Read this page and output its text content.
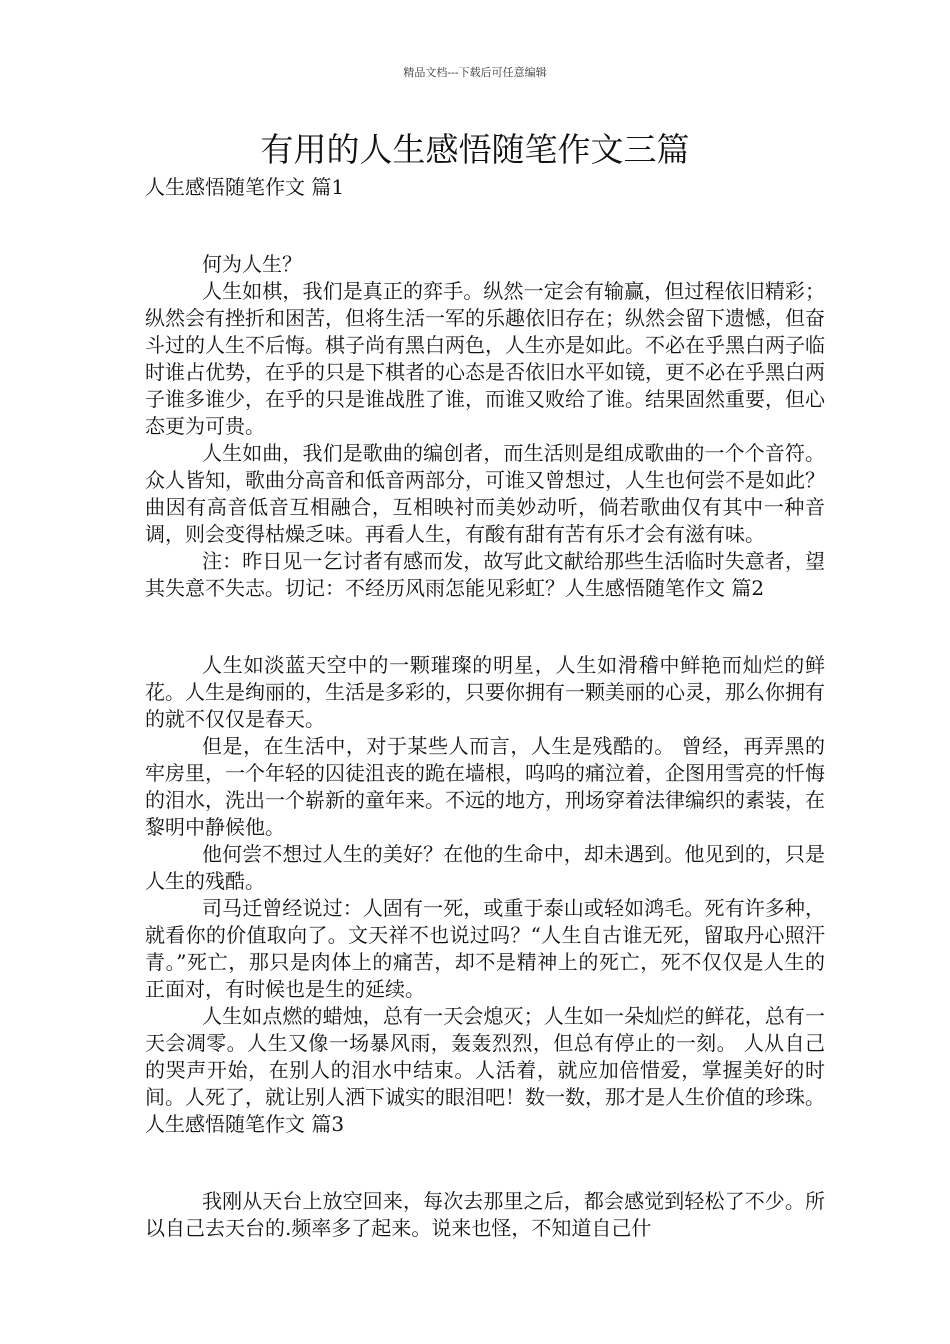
精品文档---下载后可任意编辑
有用的人生感悟随笔作文三篇

人生感悟随笔作文 篇1

何为人生？

人生如棋，我们是真正的弈手。纵然一定会有输赢，但过程依旧精彩；纵然会有挫折和困苦，但将生活一军的乐趣依旧存在；纵然会留下遗憾，但奋斗过的人生不后悔。棋子尚有黑白两色，人生亦是如此。不必在乎黑白两子临时谁占优势，在乎的只是下棋者的心态是否依旧水平如镜，更不必在乎黑白两子谁多谁少，在乎的只是谁战胜了谁，而谁又败给了谁。结果固然重要，但心态更为可贵。

人生如曲，我们是歌曲的编创者，而生活则是组成歌曲的一个个音符。众人皆知，歌曲分高音和低音两部分，可谁又曾想过，人生也何尝不是如此？曲因有高音低音互相融合，互相映衬而美妙动听，倘若歌曲仅有其中一种音调，则会变得枯燥乏味。再看人生，有酸有甜有苦有乐才会有滋有味。

注：昨日见一乞讨者有感而发，故写此文献给那些生活临时失意者，望其失意不失志。切记：不经历风雨怎能见彩虹？人生感悟随笔作文 篇2

人生如淡蓝天空中的一颗璀璨的明星，人生如滑稽中鲜艳而灿烂的鲜花。人生是绚丽的，生活是多彩的，只要你拥有一颗美丽的心灵，那么你拥有的就不仅仅是春天。

但是，在生活中，对于某些人而言，人生是残酷的。 曾经，再弄黑的牢房里，一个年轻的囚徒沮丧的跪在墙根，呜呜的痛泣着，企图用雪亮的忏悔的泪水，洗出一个崭新的童年来。不远的地方，刑场穿着法律编织的素装，在黎明中静候他。

他何尝不想过人生的美好？在他的生命中，却未遇到。他见到的，只是人生的残酷。

司马迁曾经说过：人固有一死，或重于泰山或轻如鸿毛。死有许多种，就看你的价值取向了。文天祥不也说过吗？“人生自古谁无死，留取丹心照汗青。”死亡，那只是肉体上的痛苦，却不是精神上的死亡，死不仅仅是人生的正面对，有时候也是生的延续。

人生如点燃的蜡烛，总有一天会熄灭；人生如一朵灿烂的鲜花，总有一天会凋零。人生又像一场暴风雨，轰轰烈烈，但总有停止的一刻。 人从自己的哭声开始，在别人的泪水中结束。人活着，就应加倍惜爱，掌握美好的时间。人死了，就让别人洒下诚实的眼泪吧！数一数，那才是人生价值的珍珠。人生感悟随笔作文 篇3

我刚从天台上放空回来，每次去那里之后，都会感觉到轻松了不少。所以自己去天台的.频率多了起来。说来也怪，不知道自己什
